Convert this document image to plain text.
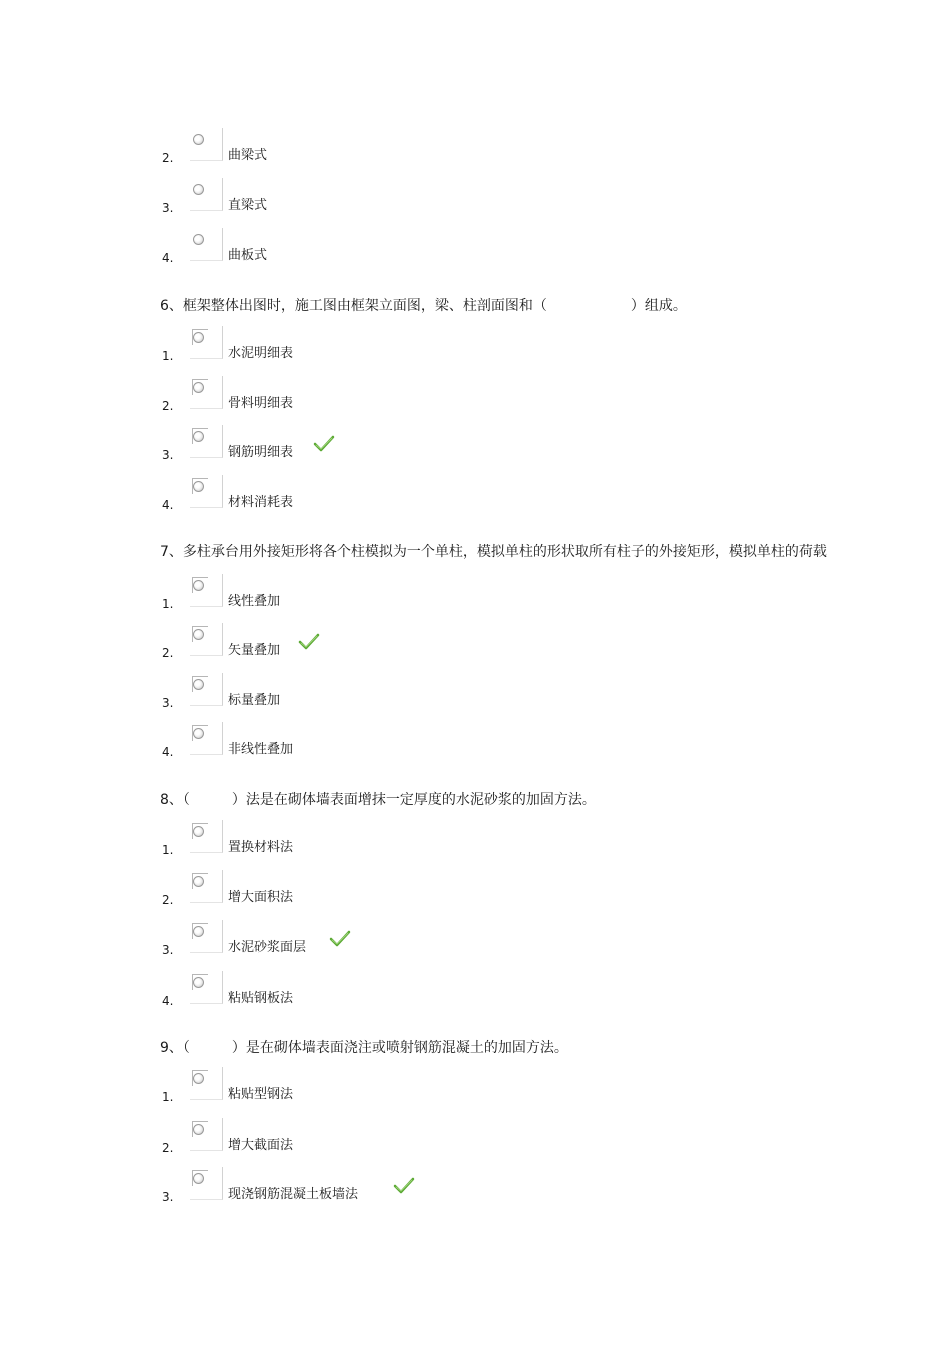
2.	曲梁式
3.	直梁式
4.	曲板式
6、框架整体出图时，施工图由框架立面图，梁、柱剖面图和（　　　　　　）组成。
1.	水泥明细表
2.	骨料明细表
3.	钢筋明细表
4.	材料消耗表
7、多柱承台用外接矩形将各个柱模拟为一个单柱，模拟单柱的形状取所有柱子的外接矩形，模拟单柱的荷载
1.	线性叠加
2.	矢量叠加
3.	标量叠加
4.	非线性叠加
8、（　　　）法是在砌体墙表面增抹一定厚度的水泥砂浆的加固方法。
1.	置换材料法
2.	增大面积法
3.	水泥砂浆面层
4.	粘贴钢板法
9、（　　　）是在砌体墙表面浇注或喷射钢筋混凝土的加固方法。
1.	粘贴型钢法
2.	增大截面法
3.	现浇钢筋混凝土板墙法
